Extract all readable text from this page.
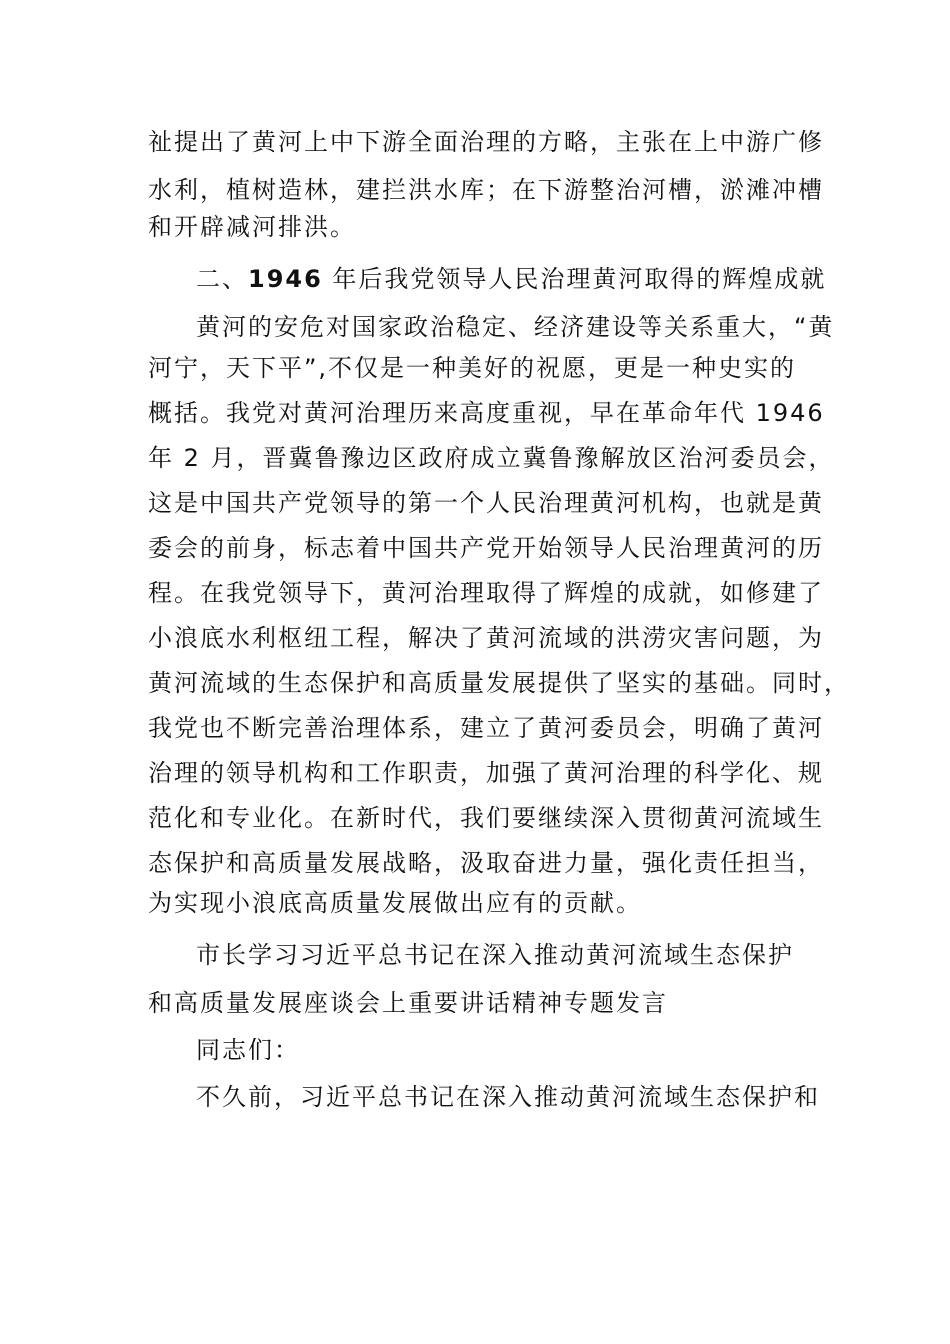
祉提出了黄河上中下游全面治理的方略，主张在上中游广修
水利，植树造林，建拦洪水库；在下游整治河槽，淤滩冲槽
和开辟减河排洪。
二、1946 年后我党领导人民治理黄河取得的辉煌成就
黄河的安危对国家政治稳定、经济建设等关系重大，“黄
河宁，天下平”,不仅是一种美好的祝愿，更是一种史实的
概括。我党对黄河治理历来高度重视，早在革命年代 1946
年 2 月，晋冀鲁豫边区政府成立冀鲁豫解放区治河委员会，
这是中国共产党领导的第一个人民治理黄河机构，也就是黄
委会的前身，标志着中国共产党开始领导人民治理黄河的历
程。在我党领导下，黄河治理取得了辉煌的成就，如修建了
小浪底水利枢纽工程，解决了黄河流域的洪涝灾害问题，为
黄河流域的生态保护和高质量发展提供了坚实的基础。同时，
我党也不断完善治理体系，建立了黄河委员会，明确了黄河
治理的领导机构和工作职责，加强了黄河治理的科学化、规
范化和专业化。在新时代，我们要继续深入贯彻黄河流域生
态保护和高质量发展战略，汲取奋进力量，强化责任担当，
为实现小浪底高质量发展做出应有的贡献。
市长学习习近平总书记在深入推动黄河流域生态保护
和高质量发展座谈会上重要讲话精神专题发言
同志们：
不久前，习近平总书记在深入推动黄河流域生态保护和
